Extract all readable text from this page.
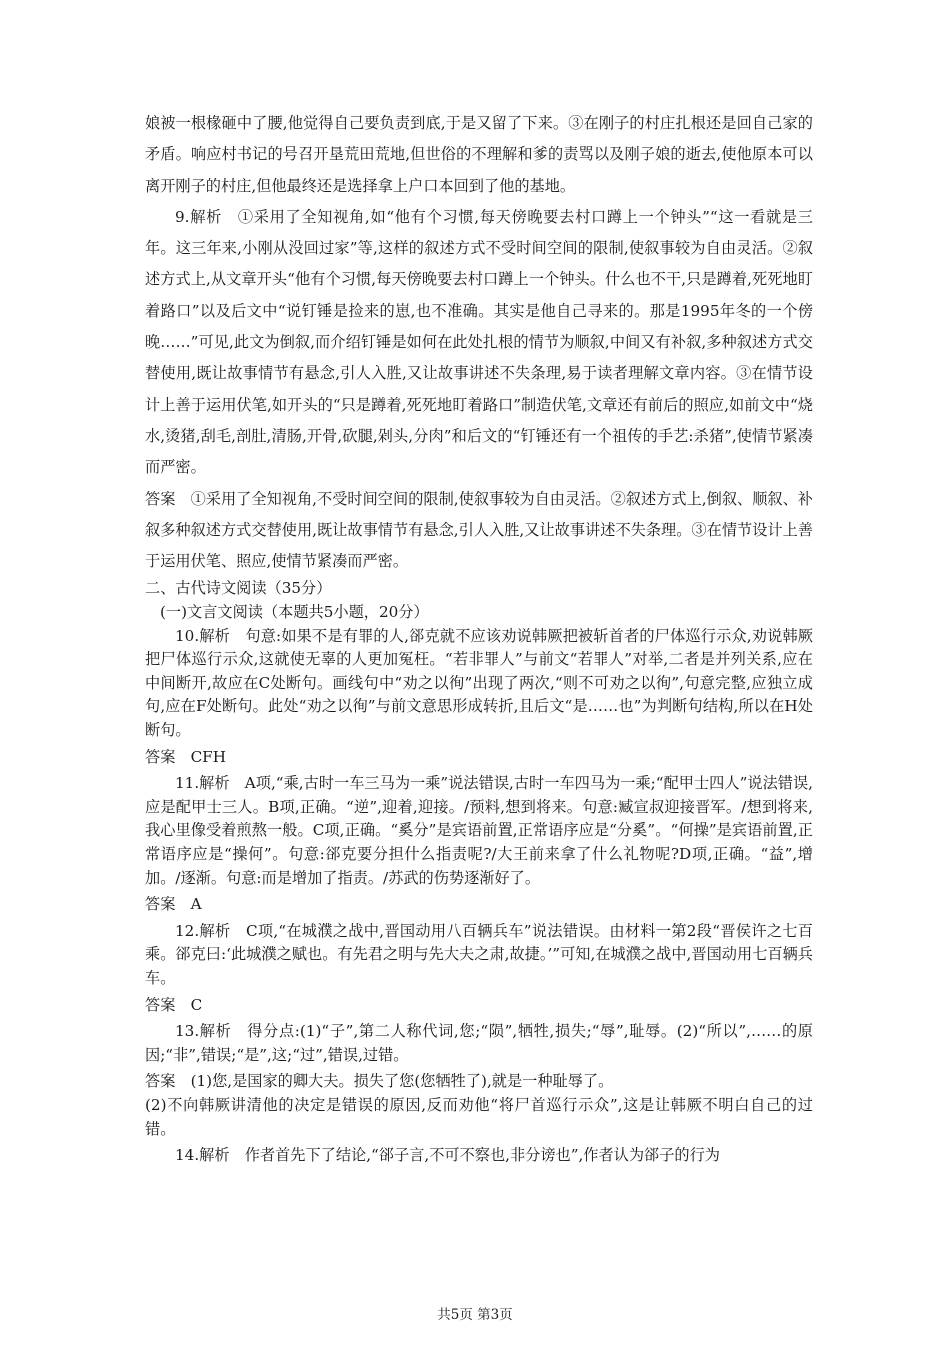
娘被一根椽砸中了腰,他觉得自己要负责到底,于是又留了下来。③在刚子的村庄扎根还是回自己家的矛盾。响应村书记的号召开垦荒田荒地,但世俗的不理解和爹的责骂以及刚子娘的逝去,使他原本可以离开刚子的村庄,但他最终还是选择拿上户口本回到了他的基地。

9.解析　①采用了全知视角,如“他有个习惯,每天傍晚要去村口蹲上一个钟头”“这一看就是三年。这三年来,小刚从没回过家”等,这样的叙述方式不受时间空间的限制,使叙事较为自由灵活。②叙述方式上,从文章开头“他有个习惯,每天傍晚要去村口蹲上一个钟头。什么也不干,只是蹲着,死死地盯着路口”以及后文中“说钉锤是捡来的崽,也不准确。其实是他自己寻来的。那是1995年冬的一个傍晚……”可见,此文为倒叙,而介绍钉锤是如何在此处扎根的情节为顺叙,中间又有补叙,多种叙述方式交替使用,既让故事情节有悬念,引人入胜,又让故事讲述不失条理,易于读者理解文章内容。③在情节设计上善于运用伏笔,如开头的“只是蹲着,死死地盯着路口”制造伏笔,文章还有前后的照应,如前文中“烧水,烫猪,刮毛,剖肚,清肠,开骨,砍腿,剁头,分肉”和后文的“钉锤还有一个祖传的手艺:杀猪”,使情节紧凑而严密。

答案　①采用了全知视角,不受时间空间的限制,使叙事较为自由灵活。②叙述方式上,倒叙、顺叙、补叙多种叙述方式交替使用,既让故事情节有悬念,引人入胜,又让故事讲述不失条理。③在情节设计上善于运用伏笔、照应,使情节紧凑而严密。

二、古代诗文阅读（35分）

(一)文言文阅读（本题共5小题，20分）

10.解析　句意:如果不是有罪的人,郤克就不应该劝说韩厥把被斩首者的尸体巡行示众,劝说韩厥把尸体巡行示众,这就使无辜的人更加冤枉。“若非罪人”与前文“若罪人”对举,二者是并列关系,应在中间断开,故应在C处断句。画线句中“劝之以徇”出现了两次,“则不可劝之以徇”,句意完整,应独立成句,应在F处断句。此处“劝之以徇”与前文意思形成转折,且后文“是……也”为判断句结构,所以在H处断句。

答案　CFH

11.解析　A项,“乘,古时一车三马为一乘”说法错误,古时一车四马为一乘;“配甲士四人”说法错误,应是配甲士三人。B项,正确。“逆”,迎着,迎接。/预料,想到将来。句意:臧宣叔迎接晋军。/想到将来,我心里像受着煎熬一般。C项,正确。“奚分”是宾语前置,正常语序应是“分奚”。“何操”是宾语前置,正常语序应是“操何”。句意:郤克要分担什么指责呢?/大王前来拿了什么礼物呢?D项,正确。“益”,增加。/逐渐。句意:而是增加了指责。/苏武的伤势逐渐好了。

答案　A

12.解析　C项,“在城濮之战中,晋国动用八百辆兵车”说法错误。由材料一第2段“晋侯许之七百乘。郤克曰:‘此城濮之赋也。有先君之明与先大夫之肃,故捷。’”可知,在城濮之战中,晋国动用七百辆兵车。

答案　C

13.解析　得分点:(1)“子”,第二人称代词,您;“陨”,牺牲,损失;“辱”,耻辱。(2)“所以”,……的原因;“非”,错误;“是”,这;“过”,错误,过错。

答案　(1)您,是国家的卿大夫。损失了您(您牺牲了),就是一种耻辱了。

(2)不向韩厥讲清他的决定是错误的原因,反而劝他“将尸首巡行示众”,这是让韩厥不明白自己的过错。

14.解析　作者首先下了结论,“郤子言,不可不察也,非分谤也”,作者认为郤子的行为

共5页 第3页
